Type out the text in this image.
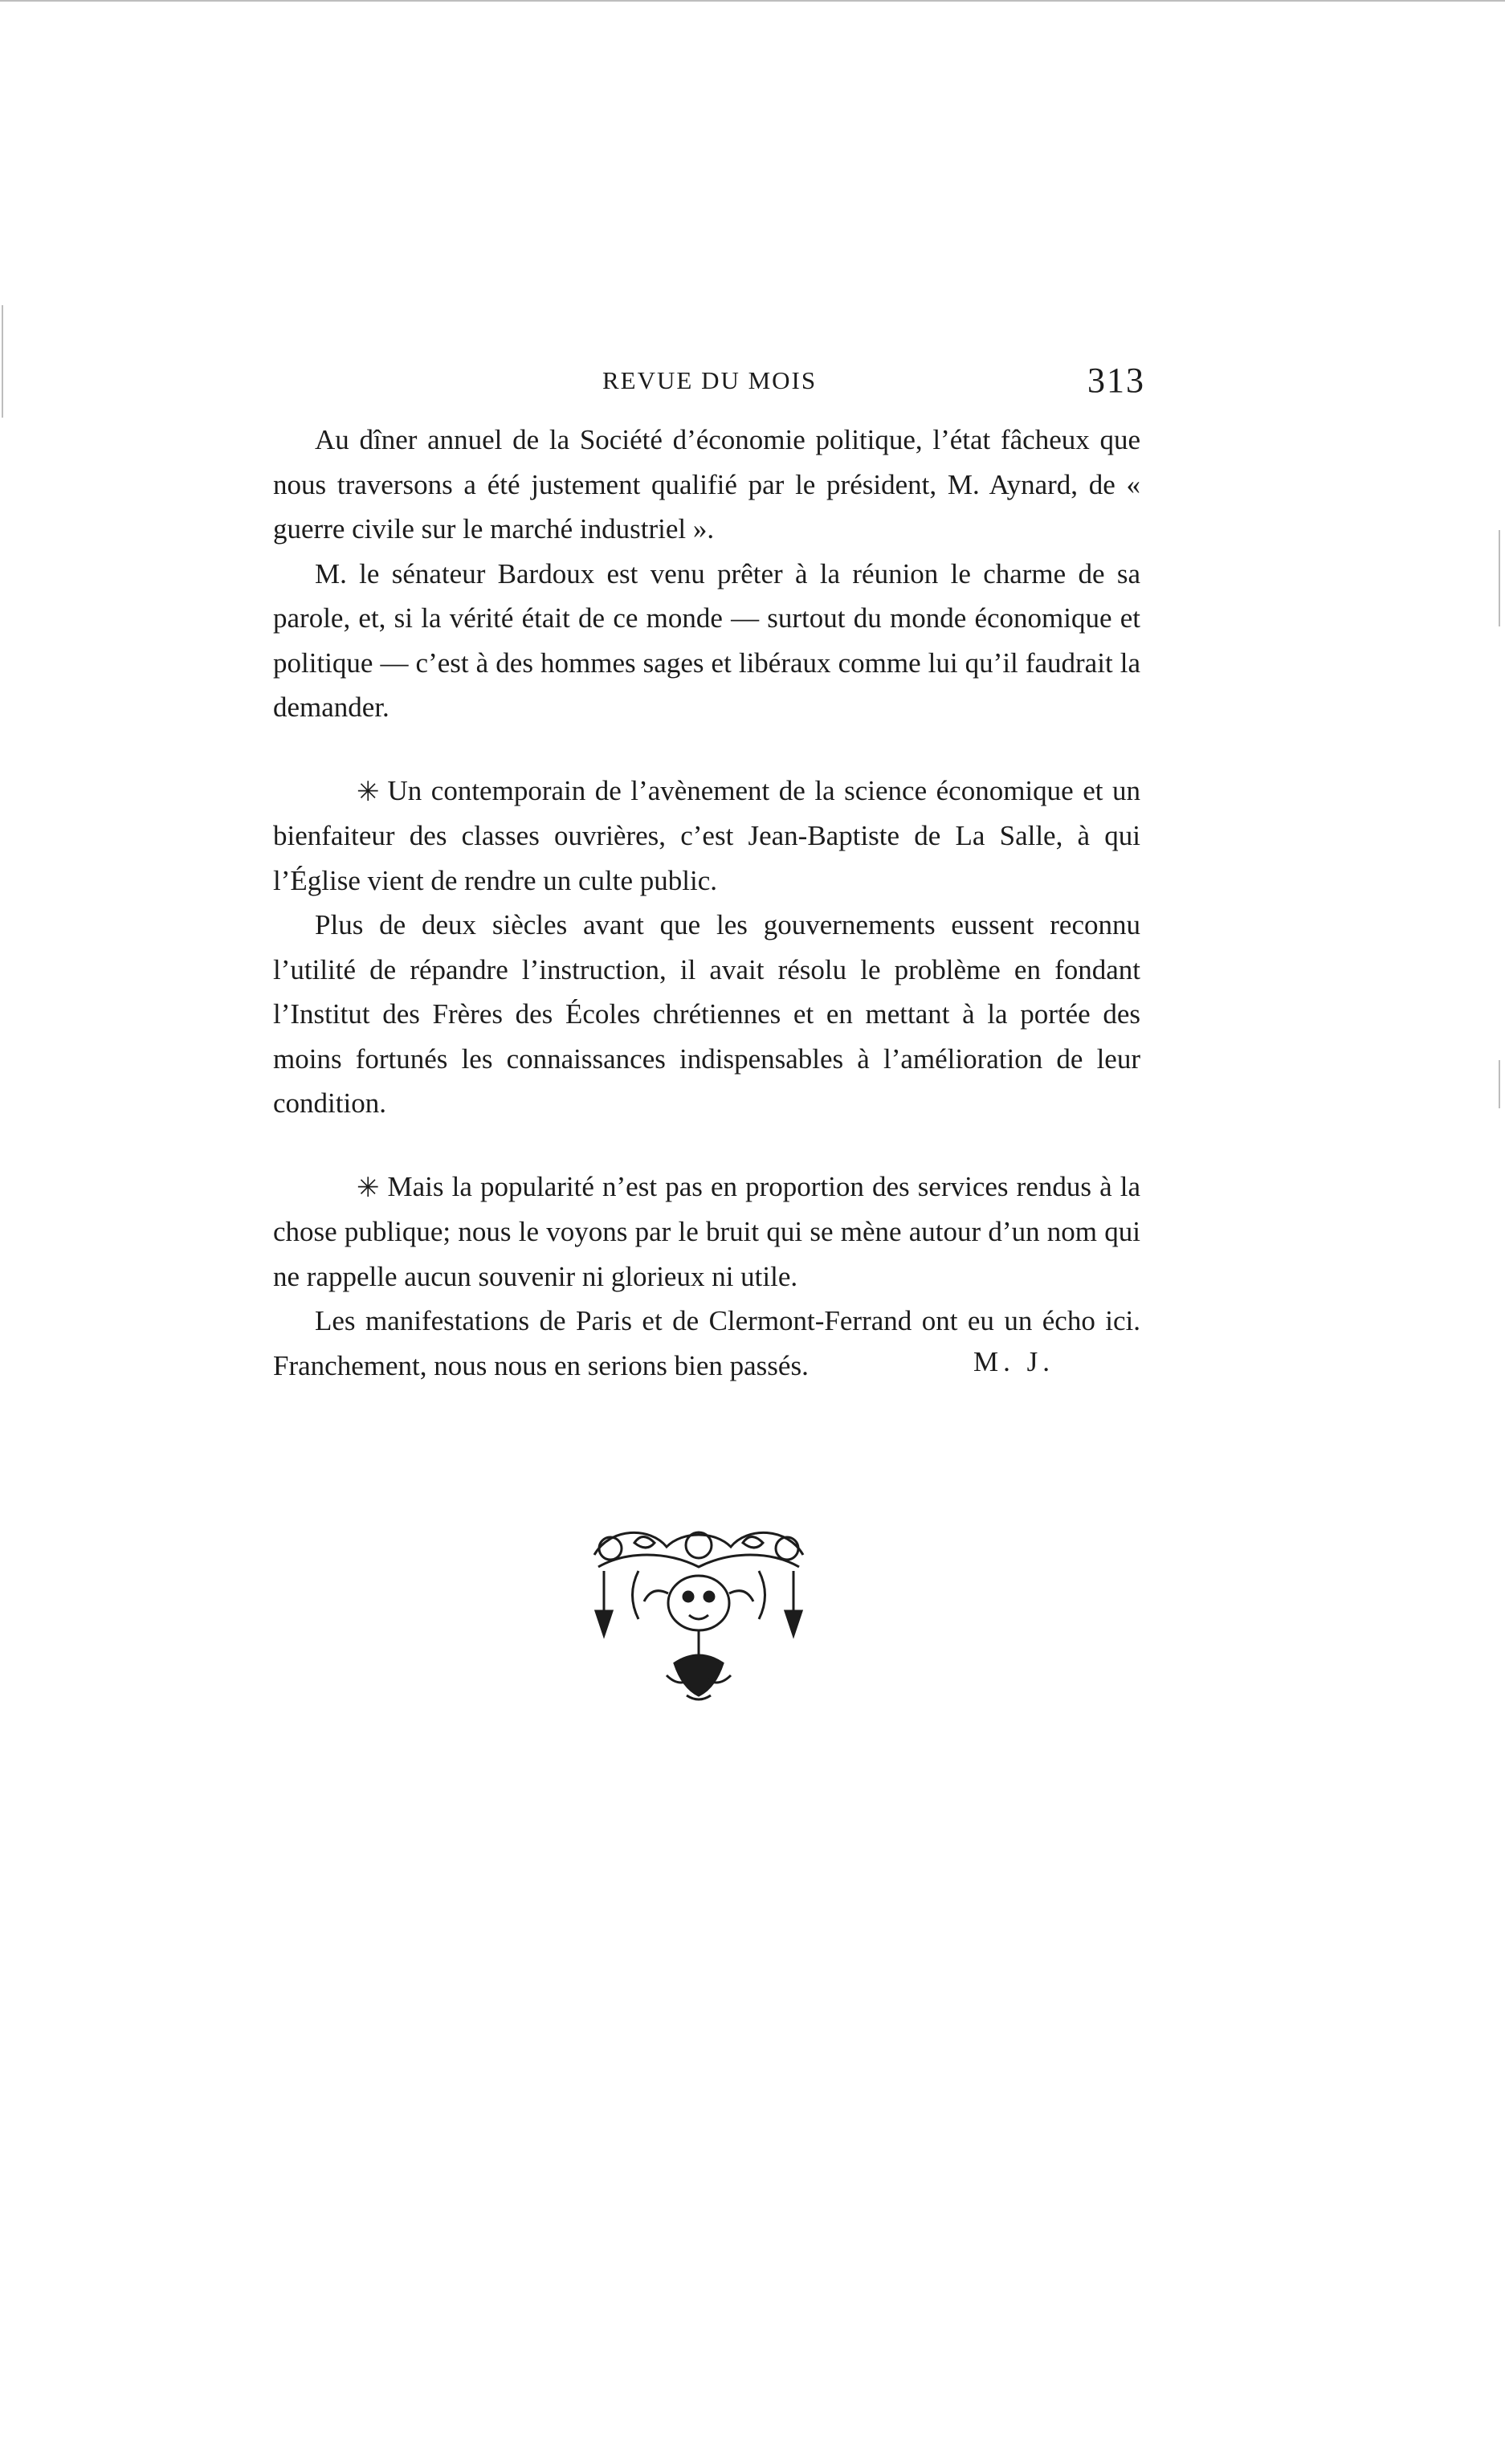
REVUE DU MOIS	313

Au dîner annuel de la Société d’économie politique, l’état fâcheux que nous traversons a été justement qualifié par le président, M. Aynard, de « guerre civile sur le marché industriel ».

M. le sénateur Bardoux est venu prêter à la réunion le charme de sa parole, et, si la vérité était de ce monde — surtout du monde économique et politique — c’est à des hommes sages et libéraux comme lui qu’il faudrait la demander.

✳ Un contemporain de l’avènement de la science économique et un bienfaiteur des classes ouvrières, c’est Jean-Baptiste de La Salle, à qui l’Église vient de rendre un culte public.

Plus de deux siècles avant que les gouvernements eussent reconnu l’utilité de répandre l’instruction, il avait résolu le problème en fondant l’Institut des Frères des Écoles chrétiennes et en mettant à la portée des moins fortunés les connaissances indispensables à l’amélioration de leur condition.

✳ Mais la popularité n’est pas en proportion des services rendus à la chose publique; nous le voyons par le bruit qui se mène autour d’un nom qui ne rappelle aucun souvenir ni glorieux ni utile.

Les manifestations de Paris et de Clermont-Ferrand ont eu un écho ici. Franchement, nous nous en serions bien passés.	M. J.
